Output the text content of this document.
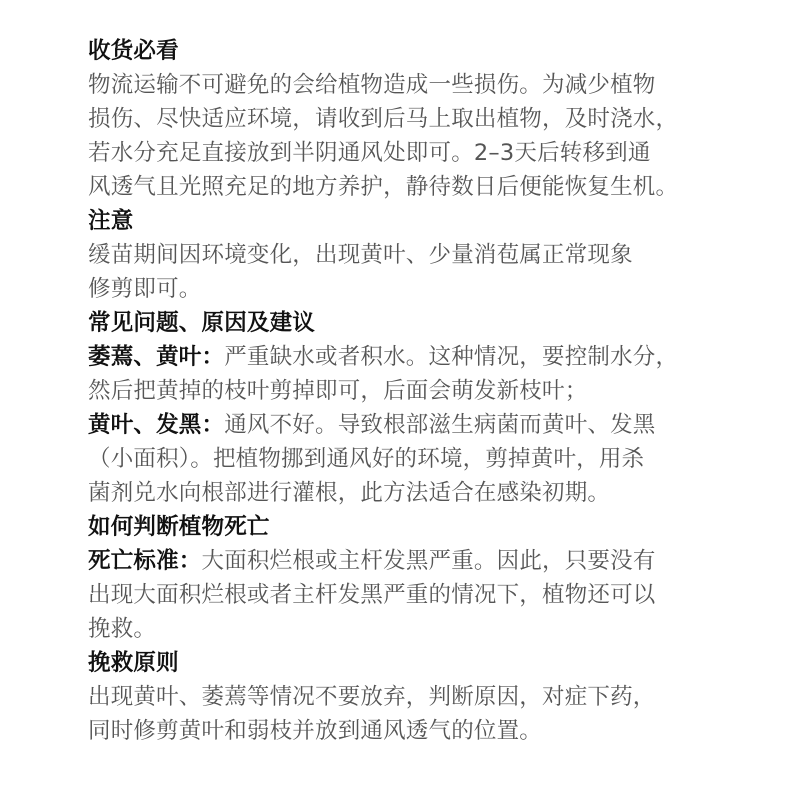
收货必看
物流运输不可避免的会给植物造成一些损伤。为减少植物
损伤、尽快适应环境，请收到后马上取出植物，及时浇水，
若水分充足直接放到半阴通风处即可。2–3天后转移到通
风透气且光照充足的地方养护，静待数日后便能恢复生机。
注意
缓苗期间因环境变化，出现黄叶、少量消苞属正常现象
修剪即可。
常见问题、原因及建议
萎蔫、黄叶：严重缺水或者积水。这种情况，要控制水分，
然后把黄掉的枝叶剪掉即可，后面会萌发新枝叶；
黄叶、发黑：通风不好。导致根部滋生病菌而黄叶、发黑
（小面积）。把植物挪到通风好的环境，剪掉黄叶，用杀
菌剂兑水向根部进行灌根，此方法适合在感染初期。
如何判断植物死亡
死亡标准：大面积烂根或主杆发黑严重。因此，只要没有
出现大面积烂根或者主杆发黑严重的情况下，植物还可以
挽救。
挽救原则
出现黄叶、萎蔫等情况不要放弃，判断原因，对症下药，
同时修剪黄叶和弱枝并放到通风透气的位置。
